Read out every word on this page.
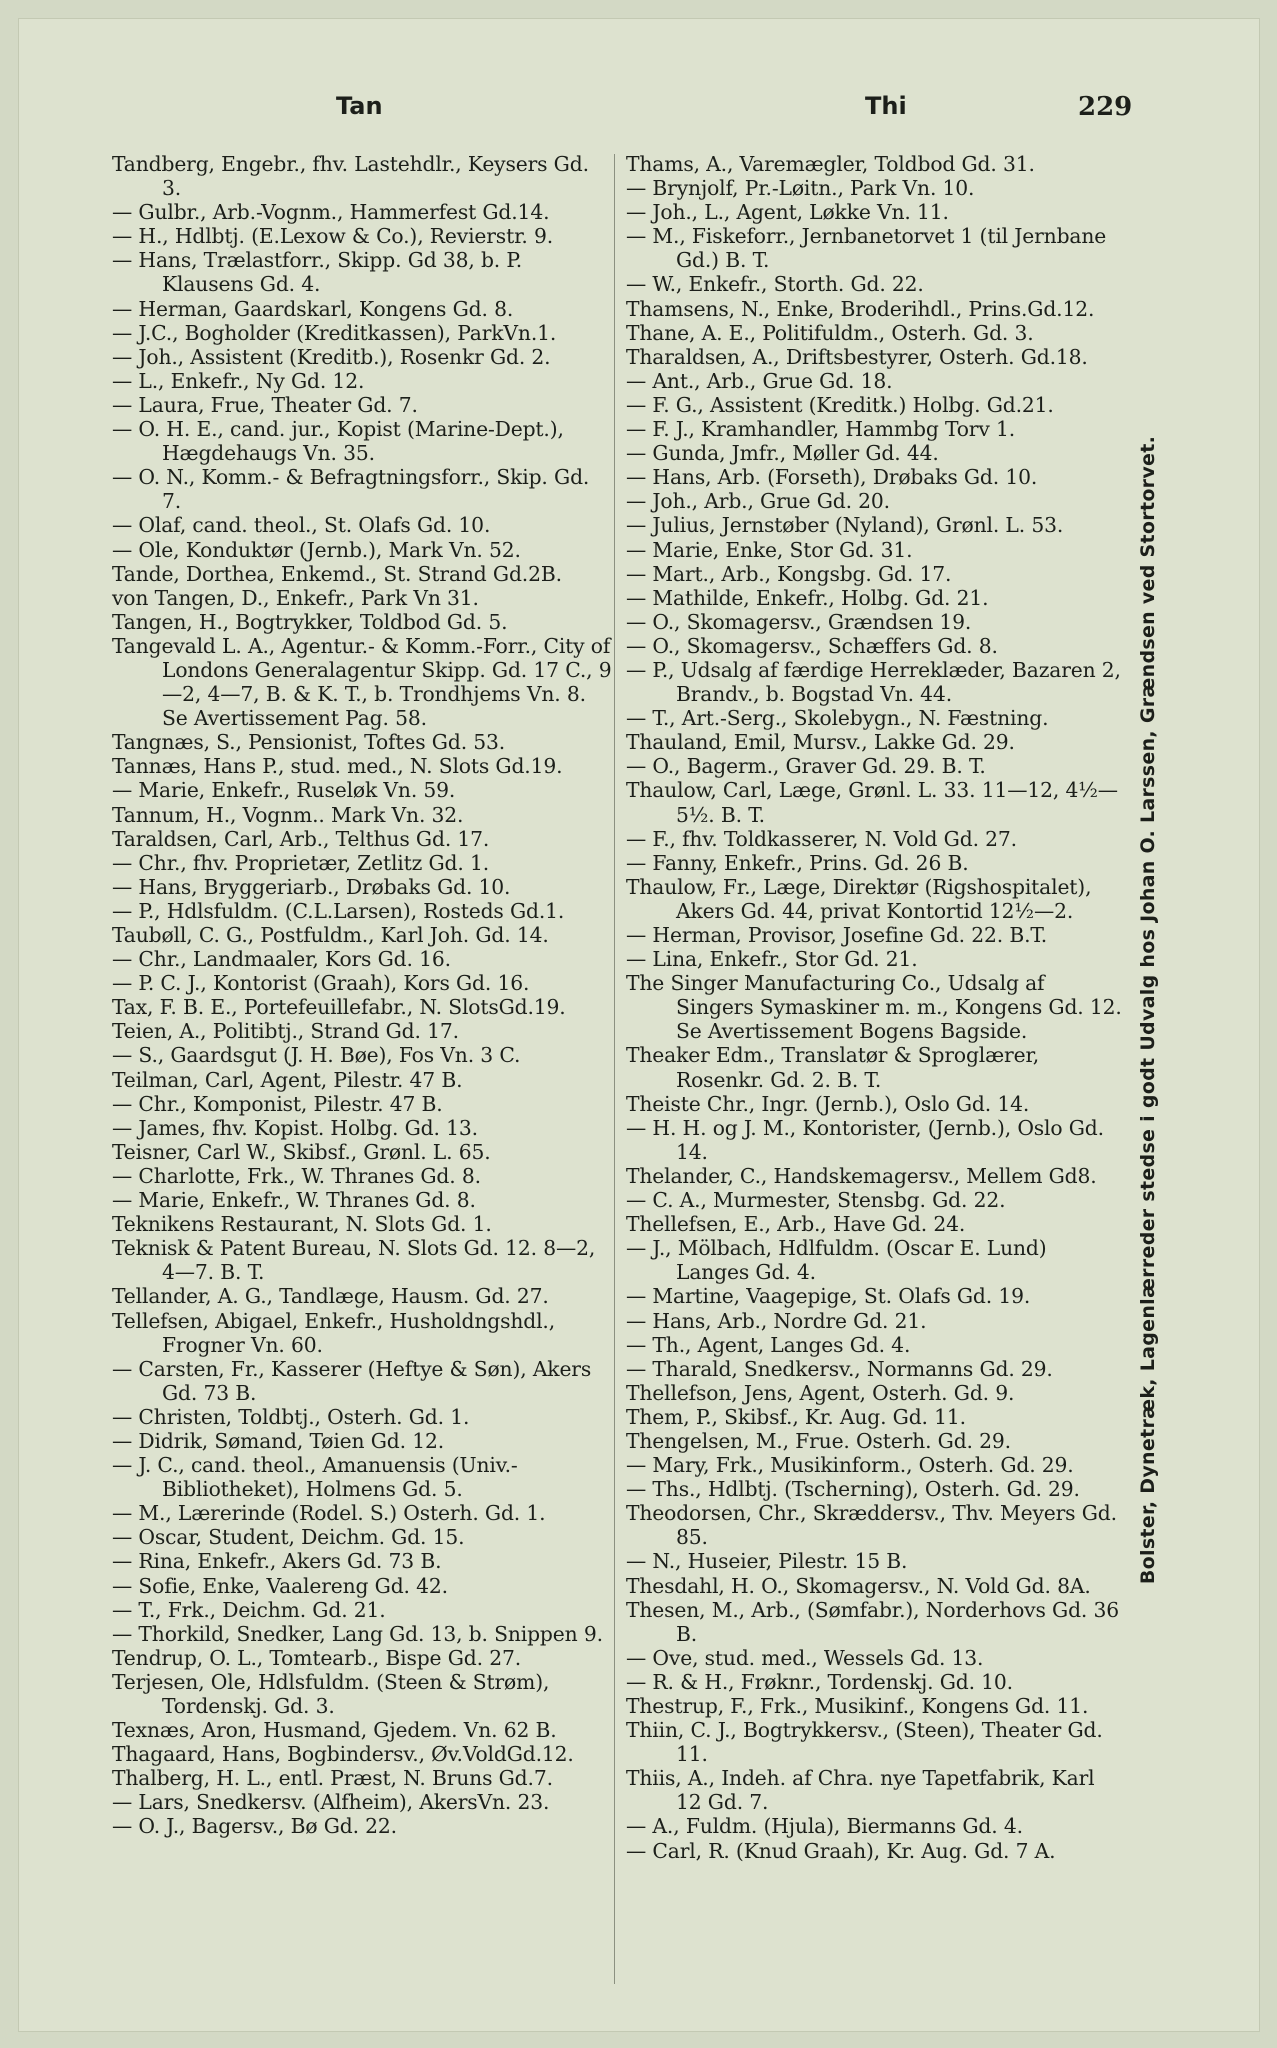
Tan	Thi	229
Tandberg, Engebr., fhv. Lastehdlr., Keysers Gd. 3.
— Gulbr., Arb.-Vognm., Hammerfest Gd.14.
— H., Hdlbtj. (E.Lexow & Co.), Revierstr. 9.
— Hans, Trælastforr., Skipp. Gd 38, b. P. Klausens Gd. 4.
— Herman, Gaardskarl, Kongens Gd. 8.
— J.C., Bogholder (Kreditkassen), ParkVn.1.
— Joh., Assistent (Kreditb.), Rosenkr Gd. 2.
— L., Enkefr., Ny Gd. 12.
— Laura, Frue, Theater Gd. 7.
— O. H. E., cand. jur., Kopist (Marine-Dept.), Hægdehaugs Vn. 35.
— O. N., Komm.- & Befragtningsforr., Skip. Gd. 7.
— Olaf, cand. theol., St. Olafs Gd. 10.
— Ole, Konduktør (Jernb.), Mark Vn. 52.
Tande, Dorthea, Enkemd., St. Strand Gd.2B.
von Tangen, D., Enkefr., Park Vn 31.
Tangen, H., Bogtrykker, Toldbod Gd. 5.
Tangevald L. A., Agentur.- & Komm.-Forr., City of Londons Generalagentur Skipp. Gd. 17 C., 9—2, 4—7, B. & K. T., b. Trondhjems Vn. 8. Se Avertissement Pag. 58.
Tangnæs, S., Pensionist, Toftes Gd. 53.
Tannæs, Hans P., stud. med., N. Slots Gd.19.
— Marie, Enkefr., Ruseløk Vn. 59.
Tannum, H., Vognm.. Mark Vn. 32.
Taraldsen, Carl, Arb., Telthus Gd. 17.
— Chr., fhv. Proprietær, Zetlitz Gd. 1.
— Hans, Bryggeriarb., Drøbaks Gd. 10.
— P., Hdlsfuldm. (C.L.Larsen), Rosteds Gd.1.
Taubøll, C. G., Postfuldm., Karl Joh. Gd. 14.
— Chr., Landmaaler, Kors Gd. 16.
— P. C. J., Kontorist (Graah), Kors Gd. 16.
Tax, F. B. E., Portefeuillefabr., N. SlotsGd.19.
Teien, A., Politibtj., Strand Gd. 17.
— S., Gaardsgut (J. H. Bøe), Fos Vn. 3 C.
Teilman, Carl, Agent, Pilestr. 47 B.
— Chr., Komponist, Pilestr. 47 B.
— James, fhv. Kopist. Holbg. Gd. 13.
Teisner, Carl W., Skibsf., Grønl. L. 65.
— Charlotte, Frk., W. Thranes Gd. 8.
— Marie, Enkefr., W. Thranes Gd. 8.
Teknikens Restaurant, N. Slots Gd. 1.
Teknisk & Patent Bureau, N. Slots Gd. 12. 8—2, 4—7. B. T.
Tellander, A. G., Tandlæge, Hausm. Gd. 27.
Tellefsen, Abigael, Enkefr., Husholdngshdl., Frogner Vn. 60.
— Carsten, Fr., Kasserer (Heftye & Søn), Akers Gd. 73 B.
— Christen, Toldbtj., Osterh. Gd. 1.
— Didrik, Sømand, Tøien Gd. 12.
— J. C., cand. theol., Amanuensis (Univ.-Bibliotheket), Holmens Gd. 5.
— M., Lærerinde (Rodel. S.) Osterh. Gd. 1.
— Oscar, Student, Deichm. Gd. 15.
— Rina, Enkefr., Akers Gd. 73 B.
— Sofie, Enke, Vaalereng Gd. 42.
— T., Frk., Deichm. Gd. 21.
— Thorkild, Snedker, Lang Gd. 13, b. Snippen 9.
Tendrup, O. L., Tomtearb., Bispe Gd. 27.
Terjesen, Ole, Hdlsfuldm. (Steen & Strøm), Tordenskj. Gd. 3.
Texnæs, Aron, Husmand, Gjedem. Vn. 62 B.
Thagaard, Hans, Bogbindersv., Øv.VoldGd.12.
Thalberg, H. L., entl. Præst, N. Bruns Gd.7.
— Lars, Snedkersv. (Alfheim), AkersVn. 23.
— O. J., Bagersv., Bø Gd. 22.
Thams, A., Varemægler, Toldbod Gd. 31.
— Brynjolf, Pr.-Løitn., Park Vn. 10.
— Joh., L., Agent, Løkke Vn. 11.
— M., Fiskeforr., Jernbanetorvet 1 (til Jernbane Gd.) B. T.
— W., Enkefr., Storth. Gd. 22.
Thamsens, N., Enke, Broderihdl., Prins.Gd.12.
Thane, A. E., Politifuldm., Osterh. Gd. 3.
Tharaldsen, A., Driftsbestyrer, Osterh. Gd.18.
— Ant., Arb., Grue Gd. 18.
— F. G., Assistent (Kreditk.) Holbg. Gd.21.
— F. J., Kramhandler, Hammbg Torv 1.
— Gunda, Jmfr., Møller Gd. 44.
— Hans, Arb. (Forseth), Drøbaks Gd. 10.
— Joh., Arb., Grue Gd. 20.
— Julius, Jernstøber (Nyland), Grønl. L. 53.
— Marie, Enke, Stor Gd. 31.
— Mart., Arb., Kongsbg. Gd. 17.
— Mathilde, Enkefr., Holbg. Gd. 21.
— O., Skomagersv., Grændsen 19.
— O., Skomagersv., Schæffers Gd. 8.
— P., Udsalg af færdige Herreklæder, Bazaren 2, Brandv., b. Bogstad Vn. 44.
— T., Art.-Serg., Skolebygn., N. Fæstning.
Thauland, Emil, Mursv., Lakke Gd. 29.
— O., Bagerm., Graver Gd. 29. B. T.
Thaulow, Carl, Læge, Grønl. L. 33. 11—12, 4½—5½. B. T.
— F., fhv. Toldkasserer, N. Vold Gd. 27.
— Fanny, Enkefr., Prins. Gd. 26 B.
Thaulow, Fr., Læge, Direktør (Rigshospitalet), Akers Gd. 44, privat Kontortid 12½—2.
— Herman, Provisor, Josefine Gd. 22. B.T.
— Lina, Enkefr., Stor Gd. 21.
The Singer Manufacturing Co., Udsalg af Singers Symaskiner m. m., Kongens Gd. 12. Se Avertissement Bogens Bagside.
Theaker Edm., Translatør & Sproglærer, Rosenkr. Gd. 2. B. T.
Theiste Chr., Ingr. (Jernb.), Oslo Gd. 14.
— H. H. og J. M., Kontorister, (Jernb.), Oslo Gd. 14.
Thelander, C., Handskemagersv., Mellem Gd8.
— C. A., Murmester, Stensbg. Gd. 22.
Thellefsen, E., Arb., Have Gd. 24.
— J., Mölbach, Hdlfuldm. (Oscar E. Lund) Langes Gd. 4.
— Martine, Vaagepige, St. Olafs Gd. 19.
— Hans, Arb., Nordre Gd. 21.
— Th., Agent, Langes Gd. 4.
— Tharald, Snedkersv., Normanns Gd. 29.
Thellefson, Jens, Agent, Osterh. Gd. 9.
Them, P., Skibsf., Kr. Aug. Gd. 11.
Thengelsen, M., Frue. Osterh. Gd. 29.
— Mary, Frk., Musikinform., Osterh. Gd. 29.
— Ths., Hdlbtj. (Tscherning), Osterh. Gd. 29.
Theodorsen, Chr., Skræddersv., Thv. Meyers Gd. 85.
— N., Huseier, Pilestr. 15 B.
Thesdahl, H. O., Skomagersv., N. Vold Gd. 8A.
Thesen, M., Arb., (Sømfabr.), Norderhovs Gd. 36 B.
— Ove, stud. med., Wessels Gd. 13.
— R. & H., Frøknr., Tordenskj. Gd. 10.
Thestrup, F., Frk., Musikinf., Kongens Gd. 11.
Thiin, C. J., Bogtrykkersv., (Steen), Theater Gd. 11.
Thiis, A., Indeh. af Chra. nye Tapetfabrik, Karl 12 Gd. 7.
— A., Fuldm. (Hjula), Biermanns Gd. 4.
— Carl, R. (Knud Graah), Kr. Aug. Gd. 7 A.
Bolster, Dynetræk, Lagenlærreder stedse i godt Udvalg hos Johan O. Larssen, Grændsen ved Stortorvet.
